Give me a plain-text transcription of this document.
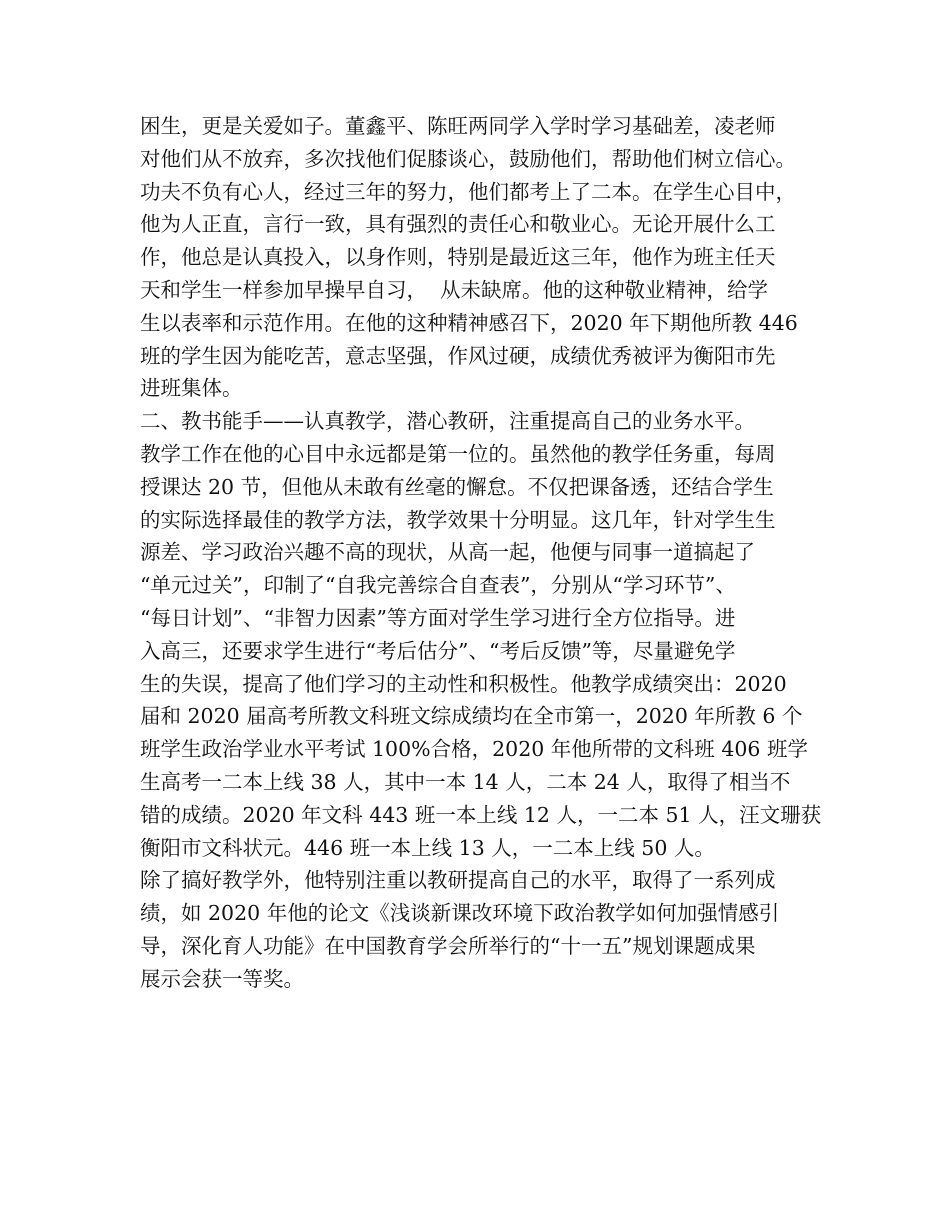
困生，更是关爱如子。董鑫平、陈旺两同学入学时学习基础差，凌老师
对他们从不放弃，多次找他们促膝谈心，鼓励他们，帮助他们树立信心。
功夫不负有心人，经过三年的努力，他们都考上了二本。在学生心目中，
他为人正直，言行一致，具有强烈的责任心和敬业心。无论开展什么工
作，他总是认真投入，以身作则，特别是最近这三年，他作为班主任天
天和学生一样参加早操早自习，  从未缺席。他的这种敬业精神，给学
生以表率和示范作用。在他的这种精神感召下，2020 年下期他所教 446
班的学生因为能吃苦，意志坚强，作风过硬，成绩优秀被评为衡阳市先
进班集体。
二、教书能手——认真教学，潜心教研，注重提高自己的业务水平。
教学工作在他的心目中永远都是第一位的。虽然他的教学任务重，每周
授课达 20 节，但他从未敢有丝毫的懈怠。不仅把课备透，还结合学生
的实际选择最佳的教学方法，教学效果十分明显。这几年，针对学生生
源差、学习政治兴趣不高的现状，从高一起，他便与同事一道搞起了
“单元过关”，印制了“自我完善综合自查表”，分别从“学习环节”、
“每日计划”、“非智力因素”等方面对学生学习进行全方位指导。进
入高三，还要求学生进行“考后估分”、“考后反馈”等，尽量避免学
生的失误，提高了他们学习的主动性和积极性。他教学成绩突出：2020
届和 2020 届高考所教文科班文综成绩均在全市第一，2020 年所教 6 个
班学生政治学业水平考试 100%合格，2020 年他所带的文科班 406 班学
生高考一二本上线 38 人，其中一本 14 人，二本 24 人，取得了相当不
错的成绩。2020 年文科 443 班一本上线 12 人，一二本 51 人，汪文珊获
衡阳市文科状元。446 班一本上线 13 人，一二本上线 50 人。
除了搞好教学外，他特别注重以教研提高自己的水平，取得了一系列成
绩，如 2020 年他的论文《浅谈新课改环境下政治教学如何加强情感引
导，深化育人功能》在中国教育学会所举行的“十一五”规划课题成果
展示会获一等奖。
